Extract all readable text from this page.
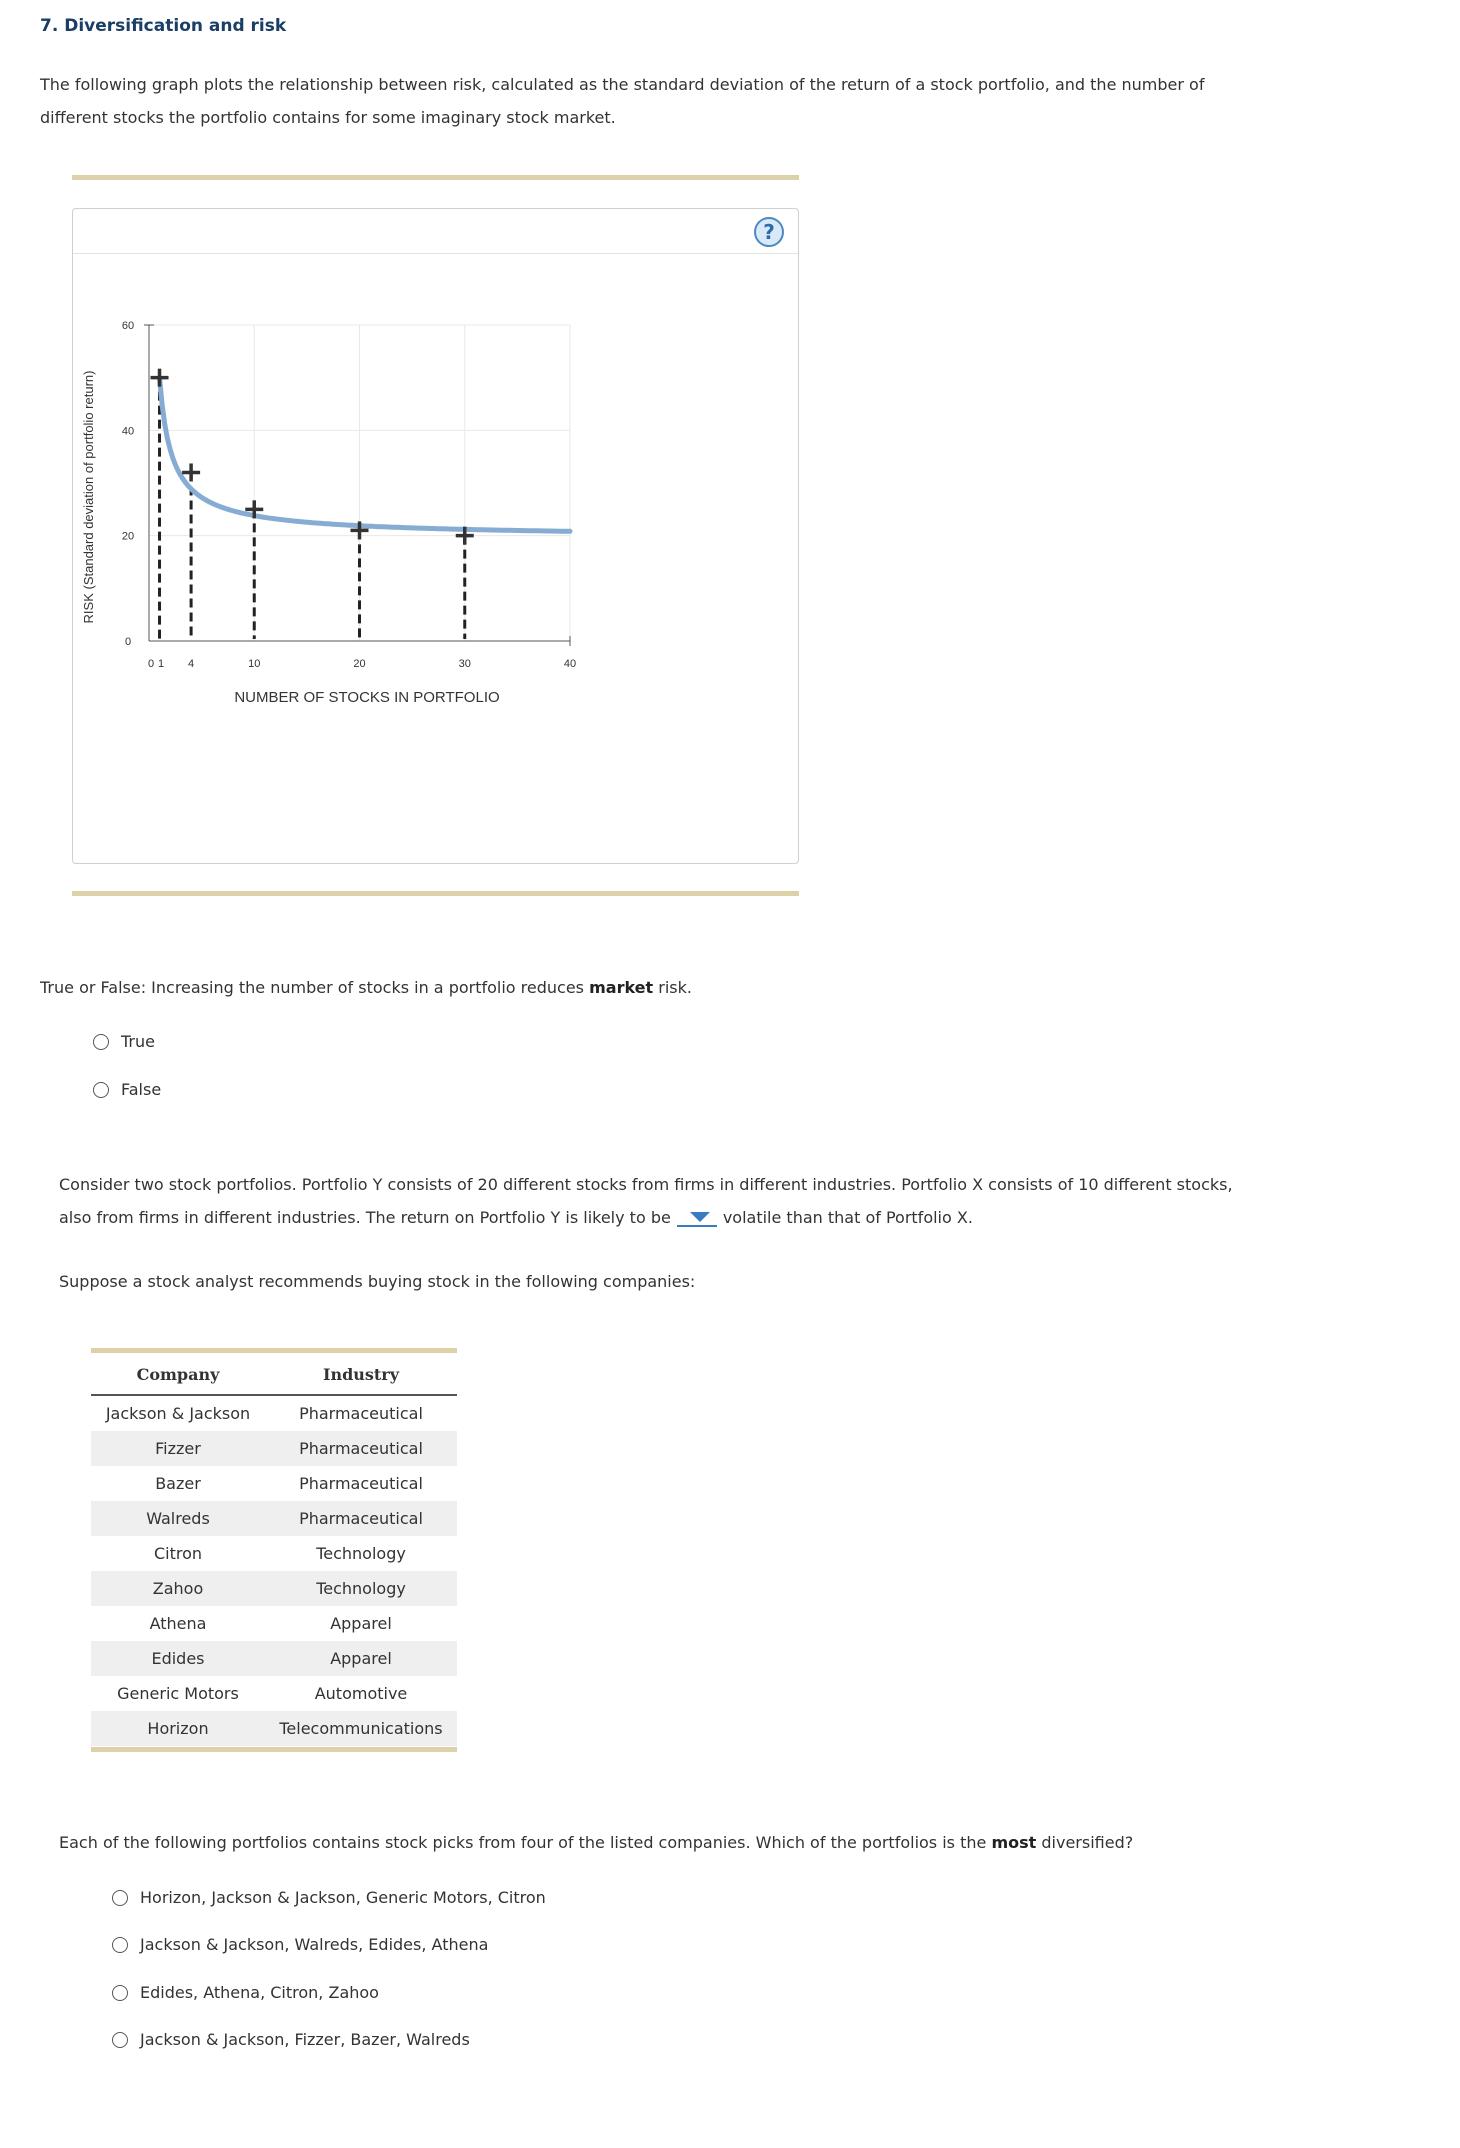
7. Diversification and risk
The following graph plots the relationship between risk, calculated as the standard deviation of the return of a stock portfolio, and the number of different stocks the portfolio contains for some imaginary stock market.
?
RISK (Standard deviation of portfolio return)
NUMBER OF STOCKS IN PORTFOLIO
0
20
40
60
0 1 4	10	20	30	40
True or False: Increasing the number of stocks in a portfolio reduces market risk.
True
False
Consider two stock portfolios. Portfolio Y consists of 20 different stocks from firms in different industries. Portfolio X consists of 10 different stocks,
also from firms in different industries. The return on Portfolio Y is likely to be	volatile than that of Portfolio X.
Suppose a stock analyst recommends buying stock in the following companies:
Company	Industry
Jackson & Jackson	Pharmaceutical
Fizzer	Pharmaceutical
Bazer	Pharmaceutical
Walreds	Pharmaceutical
Citron	Technology
Zahoo	Technology
Athena	Apparel
Edides	Apparel
Generic Motors	Automotive
Horizon	Telecommunications
Each of the following portfolios contains stock picks from four of the listed companies. Which of the portfolios is the most diversified?
Horizon, Jackson & Jackson, Generic Motors, Citron
Jackson & Jackson, Walreds, Edides, Athena
Edides, Athena, Citron, Zahoo
Jackson & Jackson, Fizzer, Bazer, Walreds
